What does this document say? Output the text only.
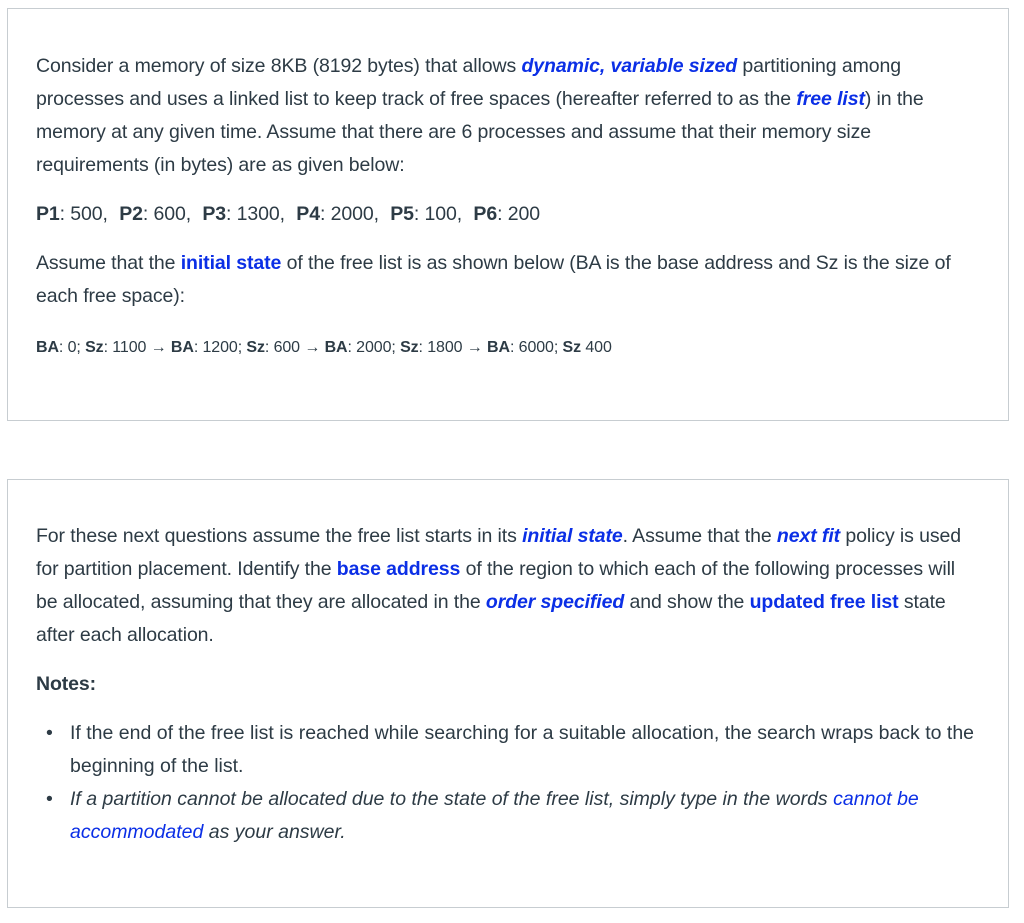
Consider a memory of size 8KB (8192 bytes) that allows dynamic, variable sized partitioning among processes and uses a linked list to keep track of free spaces (hereafter referred to as the free list) in the memory at any given time. Assume that there are 6 processes and assume that their memory size requirements (in bytes) are as given below:

P1: 500, P2: 600, P3: 1300, P4: 2000, P5: 100, P6: 200

Assume that the initial state of the free list is as shown below (BA is the base address and Sz is the size of each free space):

BA: 0; Sz: 1100 → BA: 1200; Sz: 600 → BA: 2000; Sz: 1800 → BA: 6000; Sz 400

For these next questions assume the free list starts in its initial state. Assume that the next fit policy is used for partition placement. Identify the base address of the region to which each of the following processes will be allocated, assuming that they are allocated in the order specified and show the updated free list state after each allocation.

Notes:

• If the end of the free list is reached while searching for a suitable allocation, the search wraps back to the beginning of the list.
• If a partition cannot be allocated due to the state of the free list, simply type in the words cannot be accommodated as your answer.
